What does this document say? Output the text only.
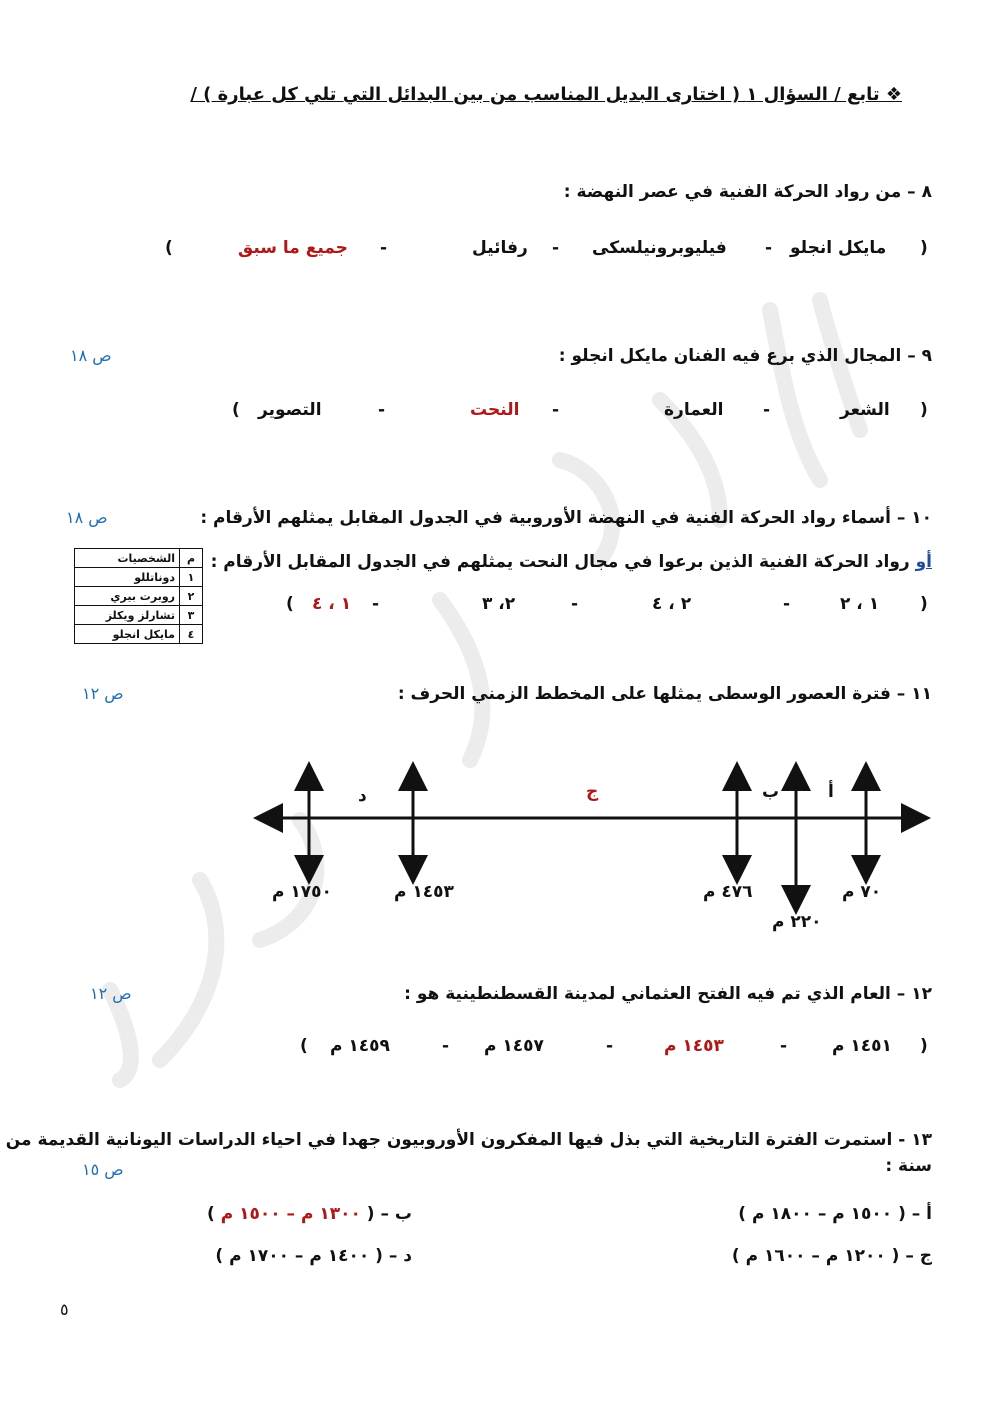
❖ تابع / السؤال ١ ( اختارى البديل المناسب من بين البدائل التي تلي كل عبارة ) /
٨ – من رواد الحركة الفنية في عصر النهضة :
)
مايكل انجلو
-
فيليوبرونيلسكى
-
رفائيل
-
جميع ما سبق
(
٩ – المجال الذي برع فيه الفنان مايكل انجلو :
ص ١٨
)
الشعر
-
العمارة
-
النحت
-
التصوير
(
١٠ – أسماء رواد الحركة الفنية في النهضة الأوروبية في الجدول المقابل يمثلهم الأرقام :
ص ١٨
أو رواد الحركة الفنية الذين برعوا في مجال النحت يمثلهم في الجدول المقابل الأرقام :
)
١ ، ٢
-
٢ ، ٤
-
٢، ٣
-
١ ، ٤
(
م	الشخصيات
١	دوناتللو
٢	روبرت بيري
٣	تشارلز ويكلز
٤	مايكل انجلو
١١ – فترة العصور الوسطى يمثلها على المخطط الزمني الحرف :
ص ١٢
أ
ب
ج
د
٧٠ م
٢٢٠ م
٤٧٦ م
١٤٥٣ م
١٧٥٠ م
١٢ – العام الذي تم فيه الفتح العثماني لمدينة القسطنطينية هو :
ص ١٢
)
١٤٥١ م
-
١٤٥٣ م
-
١٤٥٧ م
-
١٤٥٩ م
(
١٣ - استمرت الفترة التاريخية التي بذل فيها المفكرون الأوروبيون جهدا في احياء الدراسات اليونانية القديمة من
سنة :
ص ١٥
أ – ( ١٥٠٠ م – ١٨٠٠ م )
ب – ( ١٣٠٠ م – ١٥٠٠ م )
ج – ( ١٢٠٠ م – ١٦٠٠ م )
د – ( ١٤٠٠ م – ١٧٠٠ م )
٥
